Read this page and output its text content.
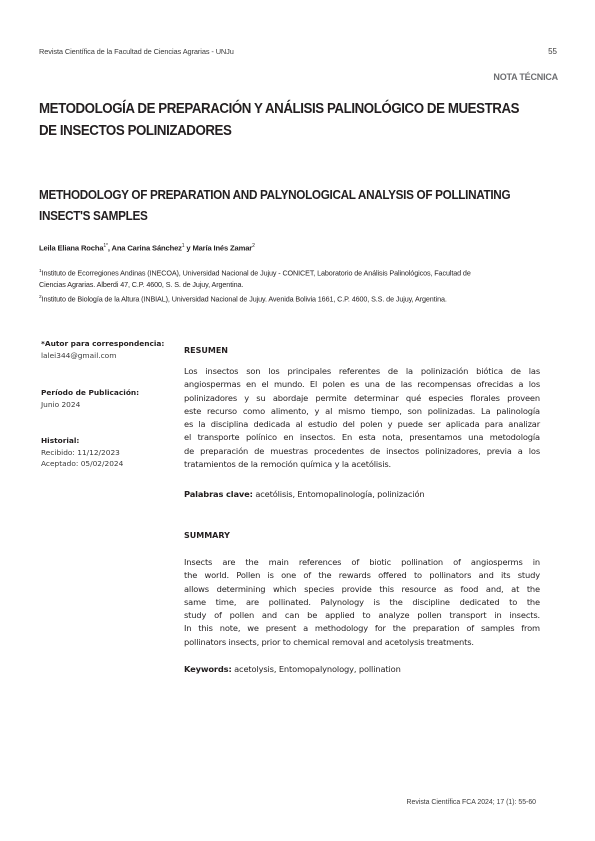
Revista Científica de la Facultad de Ciencias Agrarias - UNJu	55
NOTA TÉCNICA
METODOLOGÍA DE PREPARACIÓN Y ANÁLISIS PALINOLÓGICO DE MUESTRAS
DE INSECTOS POLINIZADORES
METHODOLOGY OF PREPARATION AND PALYNOLOGICAL ANALYSIS OF POLLINATING
INSECT'S SAMPLES
Leila Eliana Rocha$^{1*}$, Ana Carina Sánchez$^1$ y María Inés Zamar$^2$
$^1$Instituto de Ecorregiones Andinas (INECOA), Universidad Nacional de Jujuy - CONICET, Laboratorio de Análisis Palinológicos, Facultad de
Ciencias Agrarias. Alberdi 47, C.P. 4600, S. S. de Jujuy, Argentina.
$^2$Instituto de Biología de la Altura (INBIAL), Universidad Nacional de Jujuy. Avenida Bolivia 1661, C.P. 4600, S.S. de Jujuy, Argentina.
*Autor para correspondencia:
lalei344@gmail.com
Período de Publicación:
Junio 2024
Historial:
Recibido: 11/12/2023
Aceptado: 05/02/2024
RESUMEN
Los insectos son los principales referentes de la polinización biótica de las
angiospermas en el mundo. El polen es una de las recompensas ofrecidas a los
polinizadores y su abordaje permite determinar qué especies florales proveen
este recurso como alimento, y al mismo tiempo, son polinizadas. La palinología
es la disciplina dedicada al estudio del polen y puede ser aplicada para analizar
el transporte polínico en insectos. En esta nota, presentamos una metodología
de preparación de muestras procedentes de insectos polinizadores, previa a los
tratamientos de la remoción química y la acetólisis.
Palabras clave: acetólisis, Entomopalinología, polinización
SUMMARY
Insects are the main references of biotic pollination of angiosperms in
the world. Pollen is one of the rewards offered to pollinators and its study
allows determining which species provide this resource as food and, at the
same time, are pollinated. Palynology is the discipline dedicated to the
study of pollen and can be applied to analyze pollen transport in insects.
In this note, we present a methodology for the preparation of samples from
pollinators insects, prior to chemical removal and acetolysis treatments.
Keywords: acetolysis, Entomopalynology, pollination
Revista Científica FCA 2024; 17 (1): 55-60
